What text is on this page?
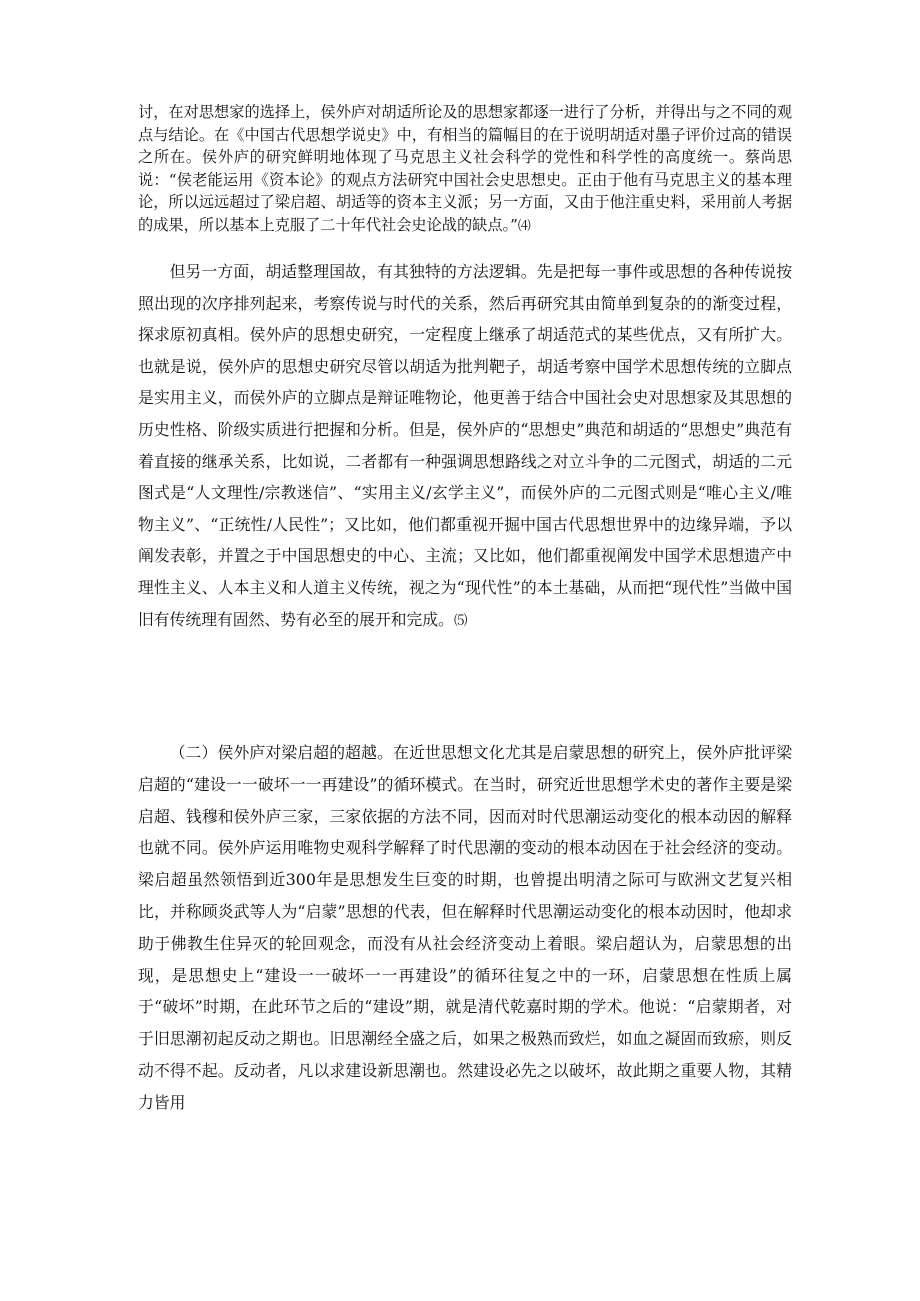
讨，在对思想家的选择上，侯外庐对胡适所论及的思想家都逐一进行了分析，并得出与之不同的观点与结论。在《中国古代思想学说史》中，有相当的篇幅目的在于说明胡适对墨子评价过高的错误之所在。侯外庐的研究鲜明地体现了马克思主义社会科学的党性和科学性的高度统一。蔡尚思说：“侯老能运用《资本论》的观点方法研究中国社会史思想史。正由于他有马克思主义的基本理论，所以远远超过了梁启超、胡适等的资本主义派；另一方面，又由于他注重史料，采用前人考据的成果，所以基本上克服了二十年代社会史论战的缺点。”⑷

但另一方面，胡适整理国故，有其独特的方法逻辑。先是把每一事件或思想的各种传说按照出现的次序排列起来，考察传说与时代的关系，然后再研究其由简单到复杂的的渐变过程，探求原初真相。侯外庐的思想史研究，一定程度上继承了胡适范式的某些优点，又有所扩大。也就是说，侯外庐的思想史研究尽管以胡适为批判靶子，胡适考察中国学术思想传统的立脚点是实用主义，而侯外庐的立脚点是辩证唯物论，他更善于结合中国社会史对思想家及其思想的历史性格、阶级实质进行把握和分析。但是，侯外庐的“思想史”典范和胡适的“思想史”典范有着直接的继承关系，比如说，二者都有一种强调思想路线之对立斗争的二元图式，胡适的二元图式是“人文理性/宗教迷信”、“实用主义/玄学主义”，而侯外庐的二元图式则是“唯心主义/唯物主义”、“正统性/人民性”；又比如，他们都重视开掘中国古代思想世界中的边缘异端，予以阐发表彰，并置之于中国思想史的中心、主流；又比如，他们都重视阐发中国学术思想遗产中理性主义、人本主义和人道主义传统，视之为“现代性”的本土基础，从而把“现代性”当做中国旧有传统理有固然、势有必至的展开和完成。⑸

（二）侯外庐对梁启超的超越。在近世思想文化尤其是启蒙思想的研究上，侯外庐批评梁启超的“建设一一破坏一一再建设”的循环模式。在当时，研究近世思想学术史的著作主要是梁启超、钱穆和侯外庐三家，三家依据的方法不同，因而对时代思潮运动变化的根本动因的解释也就不同。侯外庐运用唯物史观科学解释了时代思潮的变动的根本动因在于社会经济的变动。梁启超虽然领悟到近300年是思想发生巨变的时期，也曾提出明清之际可与欧洲文艺复兴相比，并称顾炎武等人为“启蒙”思想的代表，但在解释时代思潮运动变化的根本动因时，他却求助于佛教生住异灭的轮回观念，而没有从社会经济变动上着眼。梁启超认为，启蒙思想的出现，是思想史上“建设一一破坏一一再建设”的循环往复之中的一环，启蒙思想在性质上属于“破坏”时期，在此环节之后的“建设”期，就是清代乾嘉时期的学术。他说：“启蒙期者，对于旧思潮初起反动之期也。旧思潮经全盛之后，如果之极熟而致烂，如血之凝固而致瘀，则反动不得不起。反动者，凡以求建设新思潮也。然建设必先之以破坏，故此期之重要人物，其精力皆用
